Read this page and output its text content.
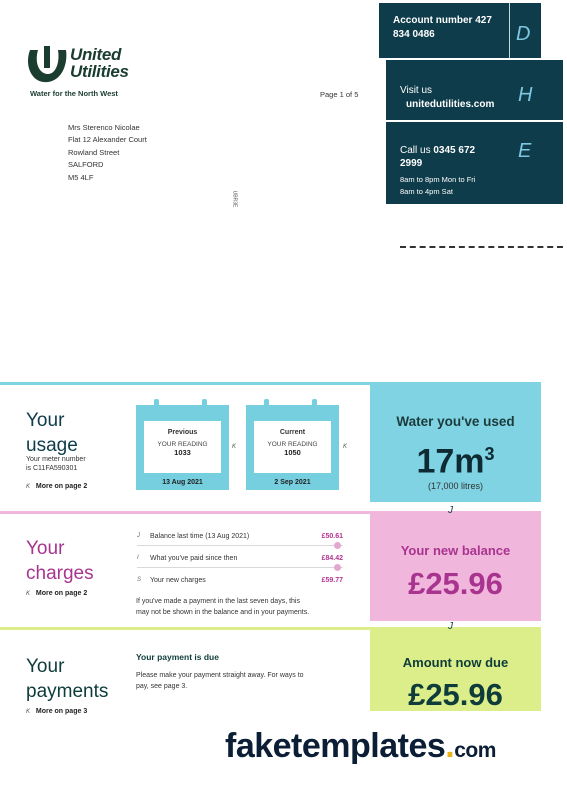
United
Utilities
Water for the North West	Page 1 of 5
Mrs Sterenco Nicolae
Flat 12 Alexander Court
Rowland Street
SALFORD
M5 4LF
UBR3E
Account number 427
834 0486	D
Visit us
unitedutilities.com H
Call us 0345 672
2999
8am to 8pm Mon to Fri
8am to 4pm Sat
E
Your
usage
Your meter number
is C11FA590301
K More on page 2
Previous
YOUR READING
1033
13 Aug 2021
K
Current
YOUR READING
1050
2 Sep 2021
K
Water you've used
$17m^3$
(17,000 litres)
Your
charges
K More on page 2
J Balance last time (13 Aug 2021)	£50.61
I What you've paid since then	£84.42
S Your new charges	£59.77
If you've made a payment in the last seven days, this
may not be shown in the balance and in your payments.
Your new balance
£25.96
J
Your
payments
K More on page 3
Your payment is due
Please make your payment straight away. For ways to
pay, see page 3.
Amount now due
£25.96
J
faketemplates.com
